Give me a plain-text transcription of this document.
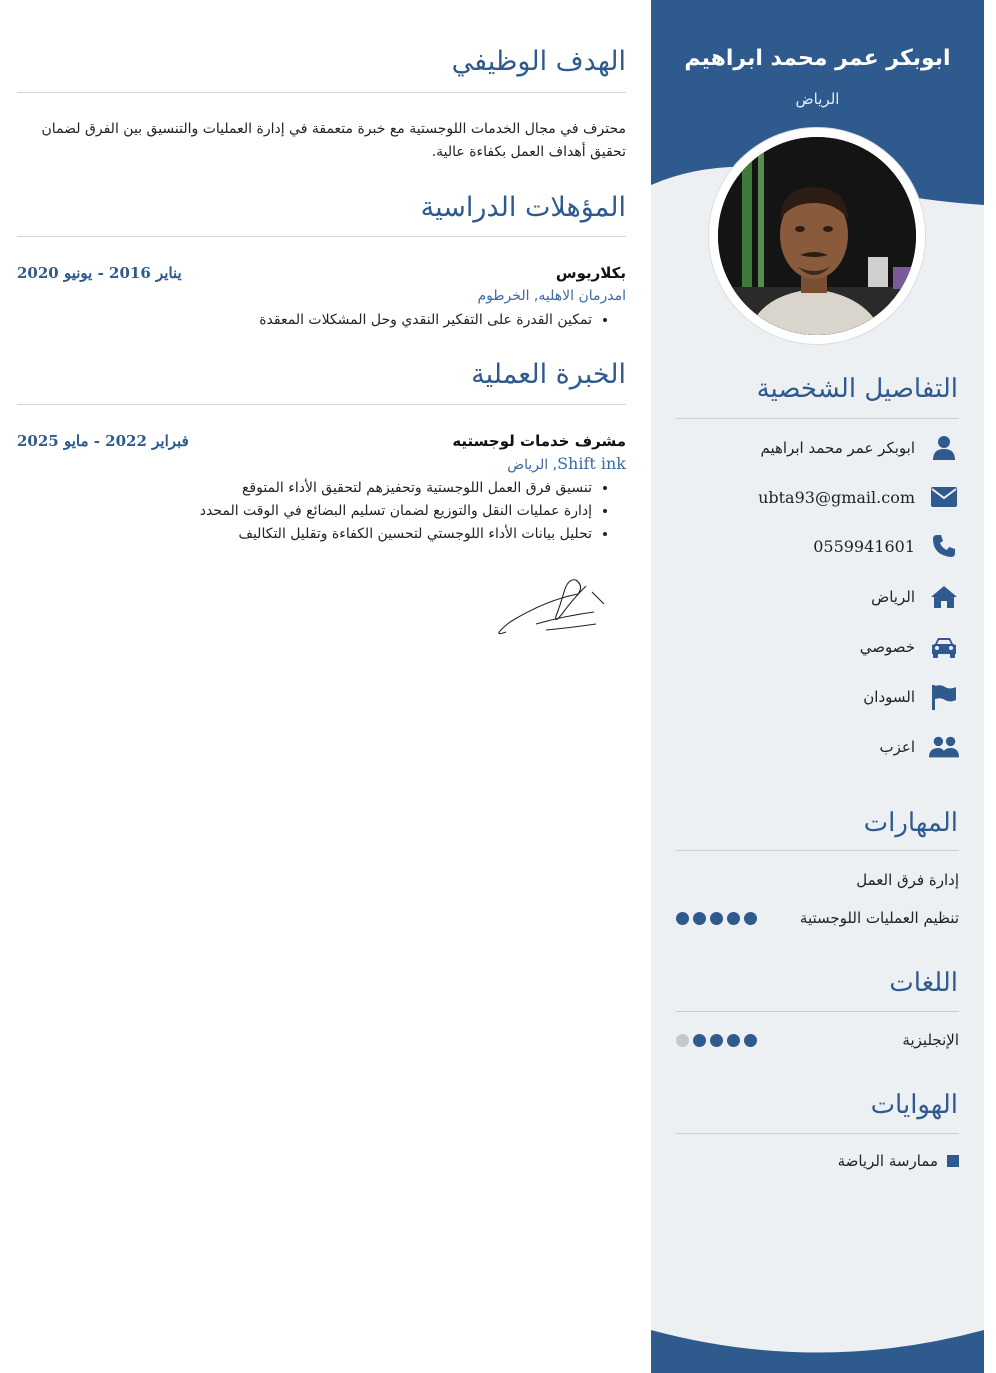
ابوبكر عمر محمد ابراهيم
الرياض
التفاصيل الشخصية
ابوبكر عمر محمد ابراهيم
ubta93@gmail.com
0559941601
الرياض
خصوصي
السودان
اعزب
المهارات
إدارة فرق العمل
تنظيم العمليات اللوجستية
اللغات
الإنجليزية
الهوايات
ممارسة الرياضة
الهدف الوظيفي
محترف في مجال الخدمات اللوجستية مع خبرة متعمقة في إدارة العمليات والتنسيق بين الفرق لضمان تحقيق أهداف العمل بكفاءة عالية.
المؤهلات الدراسية
بكلاريوس
يناير 2016 - يونيو 2020
امدرمان الاهليه, الخرطوم
• تمكين القدرة على التفكير النقدي وحل المشكلات المعقدة
الخبرة العملية
مشرف خدمات لوجستيه
فبراير 2022 - مايو 2025
Shift ink, الرياض
• تنسيق فرق العمل اللوجستية وتحفيزهم لتحقيق الأداء المتوقع
• إدارة عمليات النقل والتوزيع لضمان تسليم البضائع في الوقت المحدد
• تحليل بيانات الأداء اللوجستي لتحسين الكفاءة وتقليل التكاليف
